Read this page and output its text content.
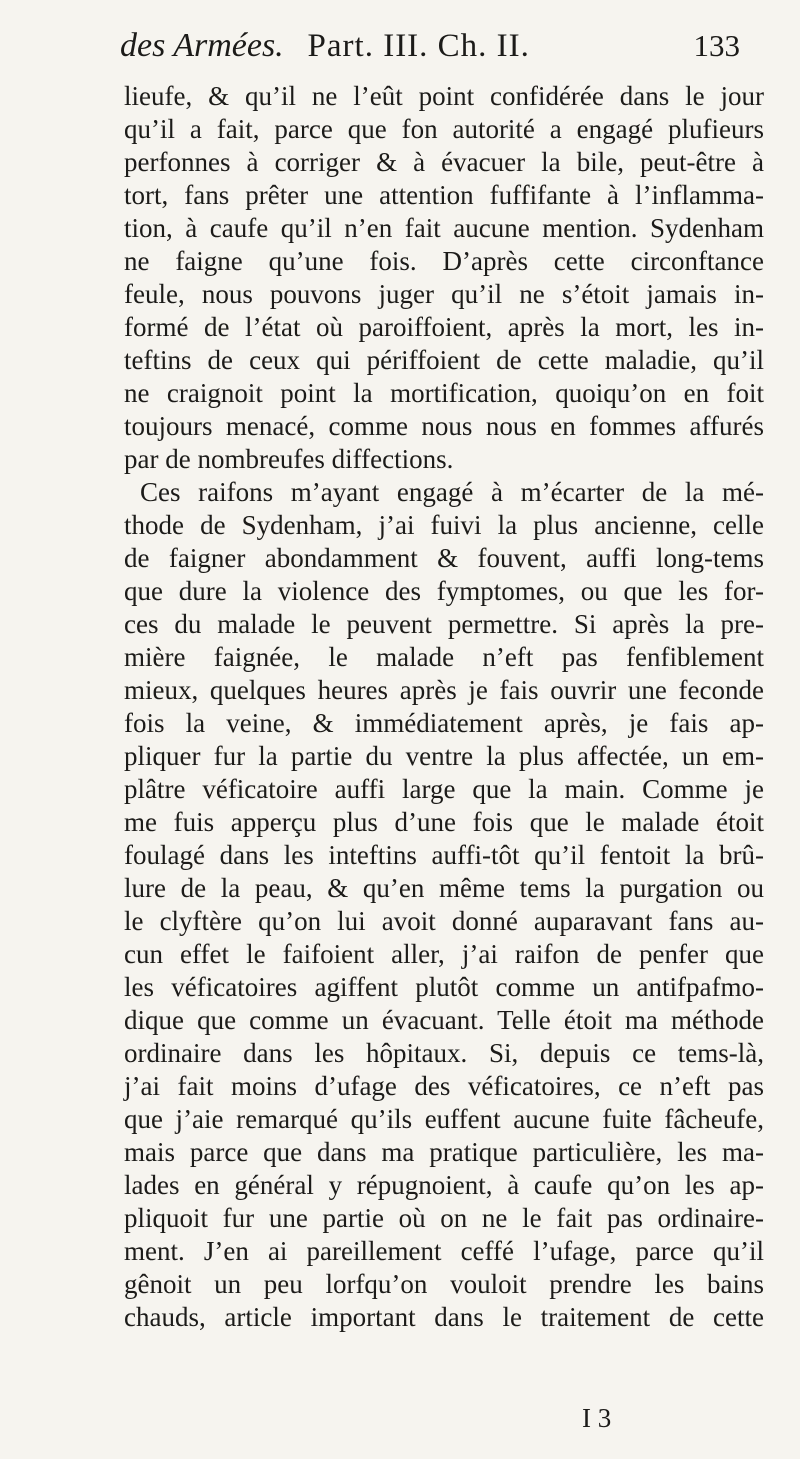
des Armées. Part. III. Ch. II.	133
lieufe, & qu’il ne l’eût point confidérée dans le jour
qu’il a fait, parce que fon autorité a engagé plufieurs
perfonnes à corriger & à évacuer la bile, peut-être à
tort, fans prêter une attention fuffifante à l’inflamma-
tion, à caufe qu’il n’en fait aucune mention. Sydenham
ne faigne qu’une fois. D’après cette circonftance
feule, nous pouvons juger qu’il ne s’étoit jamais in-
formé de l’état où paroiffoient, après la mort, les in-
teftins de ceux qui périffoient de cette maladie, qu’il
ne craignoit point la mortification, quoiqu’on en foit
toujours menacé, comme nous nous en fommes affurés
par de nombreufes diffections.
Ces raifons m’ayant engagé à m’écarter de la mé-
thode de Sydenham, j’ai fuivi la plus ancienne, celle
de faigner abondamment & fouvent, auffi long-tems
que dure la violence des fymptomes, ou que les for-
ces du malade le peuvent permettre. Si après la pre-
mière faignée, le malade n’eft pas fenfiblement
mieux, quelques heures après je fais ouvrir une feconde
fois la veine, & immédiatement après, je fais ap-
pliquer fur la partie du ventre la plus affectée, un em-
plâtre véficatoire auffi large que la main. Comme je
me fuis apperçu plus d’une fois que le malade étoit
foulagé dans les inteftins auffi-tôt qu’il fentoit la brû-
lure de la peau, & qu’en même tems la purgation ou
le clyftère qu’on lui avoit donné auparavant fans au-
cun effet le faifoient aller, j’ai raifon de penfer que
les véficatoires agiffent plutôt comme un antifpafmo-
dique que comme un évacuant. Telle étoit ma méthode
ordinaire dans les hôpitaux. Si, depuis ce tems-là,
j’ai fait moins d’ufage des véficatoires, ce n’eft pas
que j’aie remarqué qu’ils euffent aucune fuite fâcheufe,
mais parce que dans ma pratique particulière, les ma-
lades en général y répugnoient, à caufe qu’on les ap-
pliquoit fur une partie où on ne le fait pas ordinaire-
ment. J’en ai pareillement ceffé l’ufage, parce qu’il
gênoit un peu lorfqu’on vouloit prendre les bains
chauds, article important dans le traitement de cette
I 3
